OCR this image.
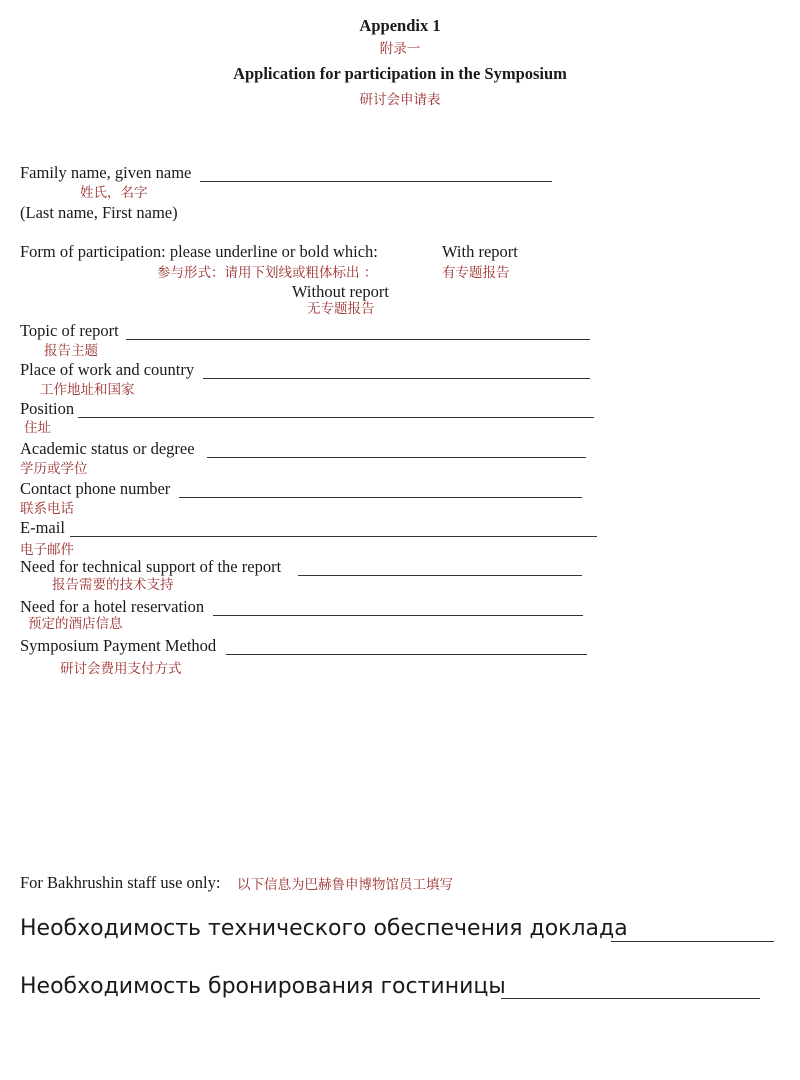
Appendix 1
附录一
Application for participation in the Symposium
研讨会申请表
Family name, given name
姓氏，名字
(Last name, First name)
Form of participation: please underline or bold which:
参与形式：请用下划线或粗体标出 ：
With report
有专题报告
Without report
无专题报告
Topic of report
报告主题
Place of work and country
工作地址和国家
Position
住址
Academic status or degree
学历或学位
Contact phone number
联系电话
E-mail
电子邮件
Need for technical support of the report
报告需要的技术支持
Need for a hotel reservation
预定的酒店信息
Symposium Payment Method
研讨会费用支付方式
For Bakhrushin staff use only: 以下信息为巴赫鲁申博物馆员工填写
Необходимость технического обеспечения доклада
Необходимость бронирования гостиницы
